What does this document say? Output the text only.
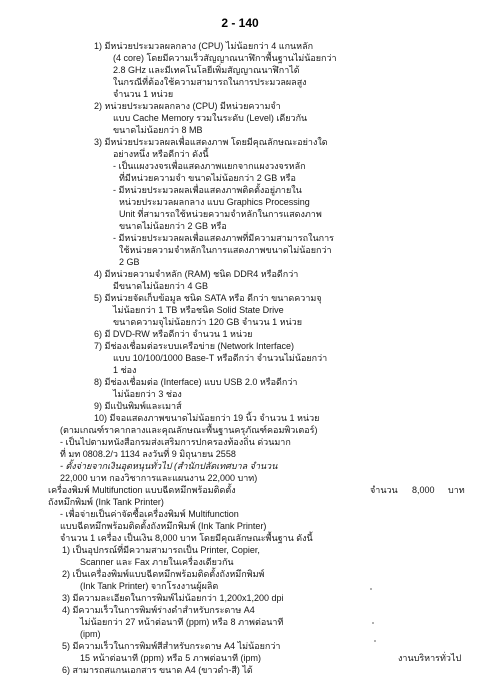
2 - 140
1) มีหน่วยประมวลผลกลาง (CPU) ไม่น้อยกว่า 4 แกนหลัก
(4 core) โดยมีความเร็วสัญญาณนาฬิกาพื้นฐานไม่น้อยกว่า
2.8 GHz และมีเทคโนโลยีเพิ่มสัญญาณนาฬิกาได้
ในกรณีที่ต้องใช้ความสามารถในการประมวลผลสูง
จำนวน 1 หน่วย
2) หน่วยประมวลผลกลาง (CPU) มีหน่วยความจำ
แบบ Cache Memory รวมในระดับ (Level) เดียวกัน
ขนาดไม่น้อยกว่า 8 MB
3) มีหน่วยประมวลผลเพื่อแสดงภาพ โดยมีคุณลักษณะอย่างใด
อย่างหนึ่ง หรือดีกว่า ดังนี้
- เป็นแผงวงจรเพื่อแสดงภาพแยกจากแผงวงจรหลัก
ที่มีหน่วยความจำ ขนาดไม่น้อยกว่า 2 GB หรือ
- มีหน่วยประมวลผลเพื่อแสดงภาพติดตั้งอยู่ภายใน
หน่วยประมวลผลกลาง แบบ Graphics Processing
Unit ที่สามารถใช้หน่วยความจำหลักในการแสดงภาพ
ขนาดไม่น้อยกว่า 2 GB หรือ
- มีหน่วยประมวลผลเพื่อแสดงภาพที่มีความสามารถในการ
ใช้หน่วยความจำหลักในการแสดงภาพขนาดไม่น้อยกว่า
2 GB
4) มีหน่วยความจำหลัก (RAM) ชนิด DDR4 หรือดีกว่า
มีขนาดไม่น้อยกว่า 4 GB
5) มีหน่วยจัดเก็บข้อมูล ชนิด SATA หรือ ดีกว่า ขนาดความจุ
ไม่น้อยกว่า 1 TB หรือชนิด Solid State Drive
ขนาดความจุไม่น้อยกว่า 120 GB จำนวน 1 หน่วย
6) มี DVD-RW หรือดีกว่า จำนวน 1 หน่วย
7) มีช่องเชื่อมต่อระบบเครือข่าย (Network Interface)
แบบ 10/100/1000 Base-T หรือดีกว่า จำนวนไม่น้อยกว่า
1 ช่อง
8) มีช่องเชื่อมต่อ (Interface) แบบ USB 2.0 หรือดีกว่า
ไม่น้อยกว่า 3 ช่อง
9) มีแป้นพิมพ์และเมาส์
10) มีจอแสดงภาพขนาดไม่น้อยกว่า 19 นิ้ว จำนวน 1 หน่วย
(ตามเกณฑ์ราคากลางและคุณลักษณะพื้นฐานครุภัณฑ์คอมพิวเตอร์)
- เป็นไปตามหนังสือกรมส่งเสริมการปกครองท้องถิ่น ด่วนมาก
ที่ มท 0808.2/ว 1134 ลงวันที่ 9 มิถุนายน 2558
- ตั้งจ่ายจากเงินอุดหนุนทั่วไป (สำนักปลัดเทศบาล จำนวน
22,000 บาท กองวิชาการและแผนงาน 22,000 บาท)
เครื่องพิมพ์ Multifunction แบบฉีดหมึกพร้อมติดตั้ง
ถังหมึกพิมพ์ (Ink Tank Printer)
- เพื่อจ่ายเป็นค่าจัดซื้อเครื่องพิมพ์ Multifunction
แบบฉีดหมึกพร้อมติดตั้งถังหมึกพิมพ์ (Ink Tank Printer)
จำนวน 1 เครื่อง เป็นเงิน 8,000 บาท โดยมีคุณลักษณะพื้นฐาน ดังนี้
1) เป็นอุปกรณ์ที่มีความสามารถเป็น Printer, Copier,
Scanner และ Fax ภายในเครื่องเดียวกัน
2) เป็นเครื่องพิมพ์แบบฉีดหมึกพร้อมติดตั้งถังหมึกพิมพ์
(Ink Tank Printer) จากโรงงานผู้ผลิต
3) มีความละเอียดในการพิมพ์ไม่น้อยกว่า 1,200x1,200 dpi
4) มีความเร็วในการพิมพ์ร่างดำสำหรับกระดาษ A4
ไม่น้อยกว่า 27 หน้าต่อนาที (ppm) หรือ 8 ภาพต่อนาที
(ipm)
5) มีความเร็วในการพิมพ์สีสำหรับกระดาษ A4 ไม่น้อยกว่า
15 หน้าต่อนาที (ppm) หรือ 5 ภาพต่อนาที (ipm)
6) สามารถสแกนเอกสาร ขนาด A4 (ขาวดำ-สี) ได้
จำนวน 8,000 บาท
งานบริหารทั่วไป
